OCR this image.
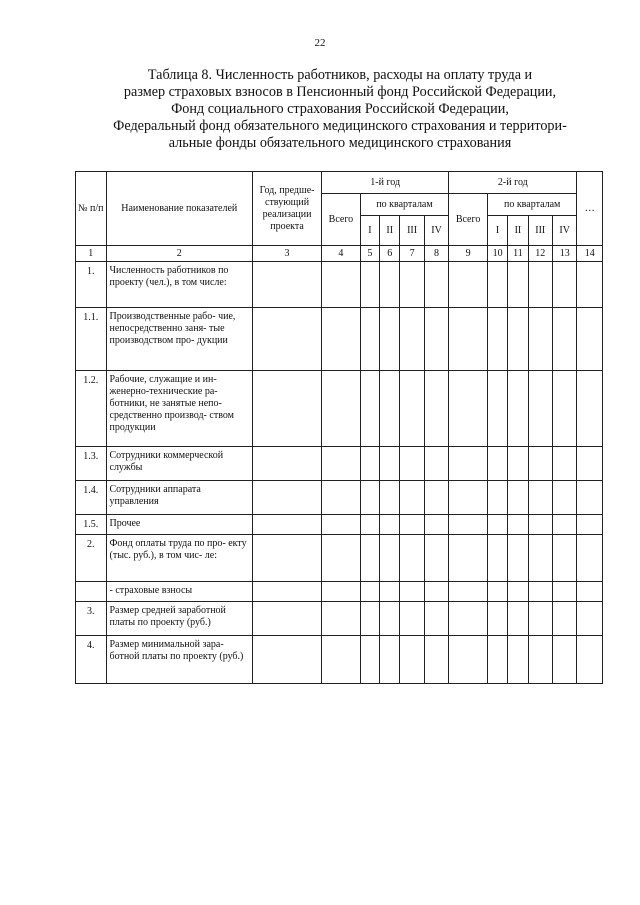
22
Таблица 8. Численность работников, расходы на оплату труда и
размер страховых взносов в Пенсионный фонд Российской Федерации,
Фонд социального страхования Российской Федерации,
Федеральный фонд обязательного медицинского страхования и территори-
альные фонды обязательного медицинского страхования
№ п/п	Наименование показателей	Год, предше- ствующий реализации проекта	1-й год					2-й год					…
			Всего	по кварталам				Всего	по кварталам				
				I	II	III	IV		I	II	III	IV	
1	2	3	4	5	6	7	8	9	10	11	12	13	14
1.	Численность работников по проекту (чел.), в том числе:												
1.1.	Производственные рабо- чие, непосредственно заня- тые производством про- дукции												
1.2.	Рабочие, служащие и ин- женерно-технические ра- ботники, не занятые непо- средственно производ- ством продукции												
1.3.	Сотрудники коммерческой службы												
1.4.	Сотрудники аппарата управления												
1.5.	Прочее												
2.	Фонд оплаты труда по про- екту (тыс. руб.), в том чис- ле:												
	- страховые взносы												
3.	Размер средней заработной платы по проекту (руб.)												
4.	Размер минимальной зара- ботной платы по проекту (руб.)												
